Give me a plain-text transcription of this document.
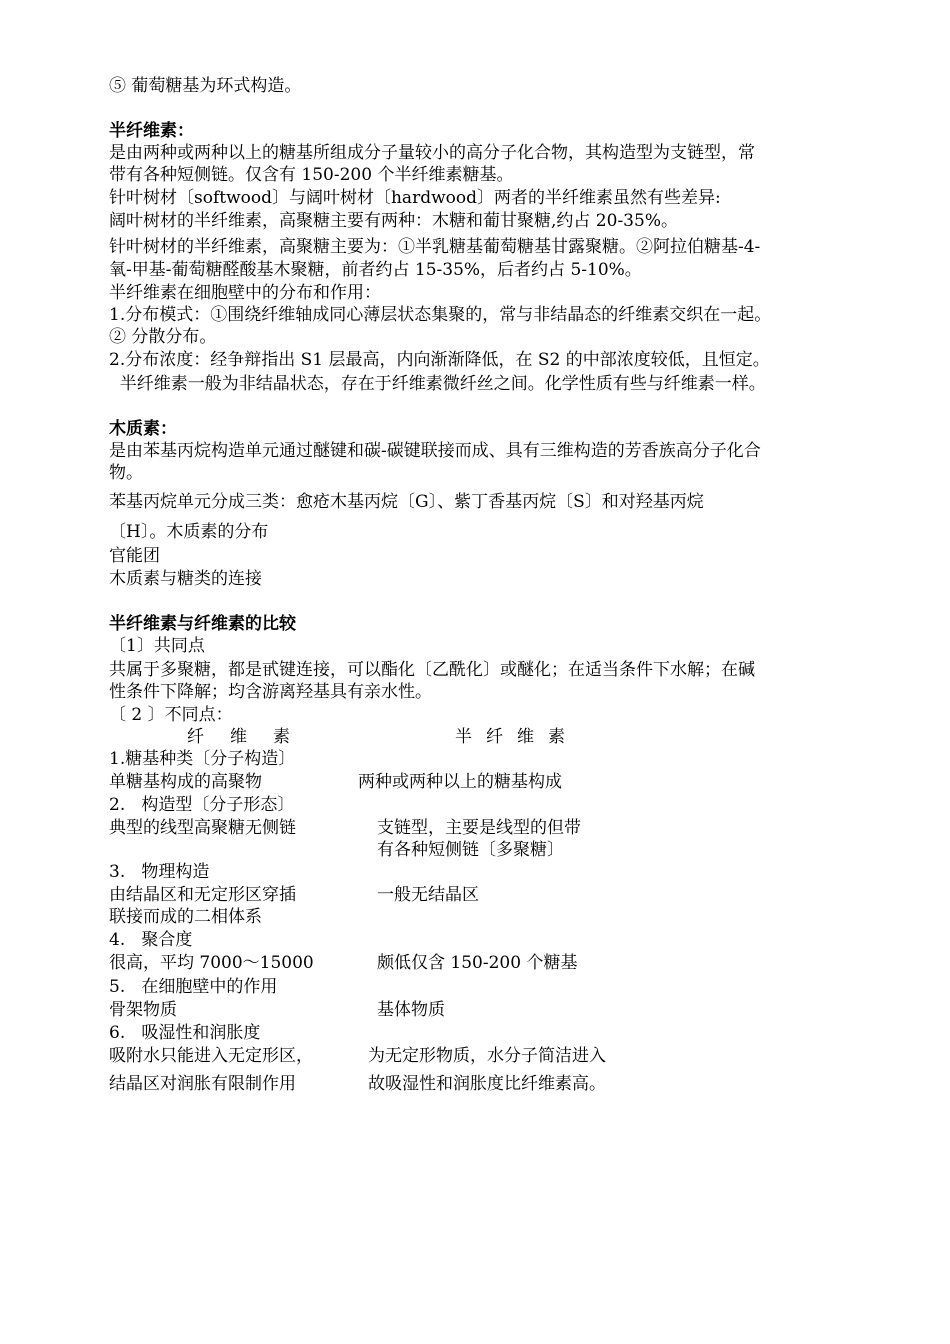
⑤ 葡萄糖基为环式构造。
半纤维素：
是由两种或两种以上的糖基所组成分子量较小的高分子化合物，其构造型为支链型，常
带有各种短侧链。仅含有 150-200 个半纤维素糖基。
针叶树材〔softwood〕与阔叶树材〔hardwood〕两者的半纤维素虽然有些差异:
阔叶树材的半纤维素，高聚糖主要有两种：木糖和葡甘聚糖,约占 20-35%。
针叶树材的半纤维素，高聚糖主要为：①半乳糖基葡萄糖基甘露聚糖。②阿拉伯糖基-4-
氧-甲基-葡萄糖醛酸基木聚糖，前者约占 15-35%，后者约占 5-10%。
半纤维素在细胞壁中的分布和作用：
1.分布模式：①围绕纤维轴成同心薄层状态集聚的，常与非结晶态的纤维素交织在一起。
② 分散分布。
2.分布浓度：经争辩指出 S1 层最高，内向渐渐降低，在 S2 的中部浓度较低，且恒定。
半纤维素一般为非结晶状态，存在于纤维素微纤丝之间。化学性质有些与纤维素一样。
木质素：
是由苯基丙烷构造单元通过醚键和碳-碳键联接而成、具有三维构造的芳香族高分子化合
物。
苯基丙烷单元分成三类：愈疮木基丙烷〔G〕、紫丁香基丙烷〔S〕和对羟基丙烷
〔H〕。木质素的分布
官能团
木质素与糖类的连接
半纤维素与纤维素的比较
〔1〕共同点
共属于多聚糖，都是甙键连接，可以酯化〔乙酰化〕或醚化；在适当条件下水解；在碱
性条件下降解；均含游离羟基具有亲水性。
〔 2 〕不同点：
纤维素	半纤维素
1.糖基种类〔分子构造〕
单糖基构成的高聚物	两种或两种以上的糖基构成
2.   构造型〔分子形态〕
典型的线型高聚糖无侧链	支链型，主要是线型的但带
有各种短侧链〔多聚糖〕
3.   物理构造
由结晶区和无定形区穿插	一般无结晶区
联接而成的二相体系
4.   聚合度
很高，平均 7000～15000	颇低仅含 150-200 个糖基
5.   在细胞壁中的作用
骨架物质	基体物质
6.   吸湿性和润胀度
吸附水只能进入无定形区，	为无定形物质，水分子简洁进入
结晶区对润胀有限制作用	故吸湿性和润胀度比纤维素高。
